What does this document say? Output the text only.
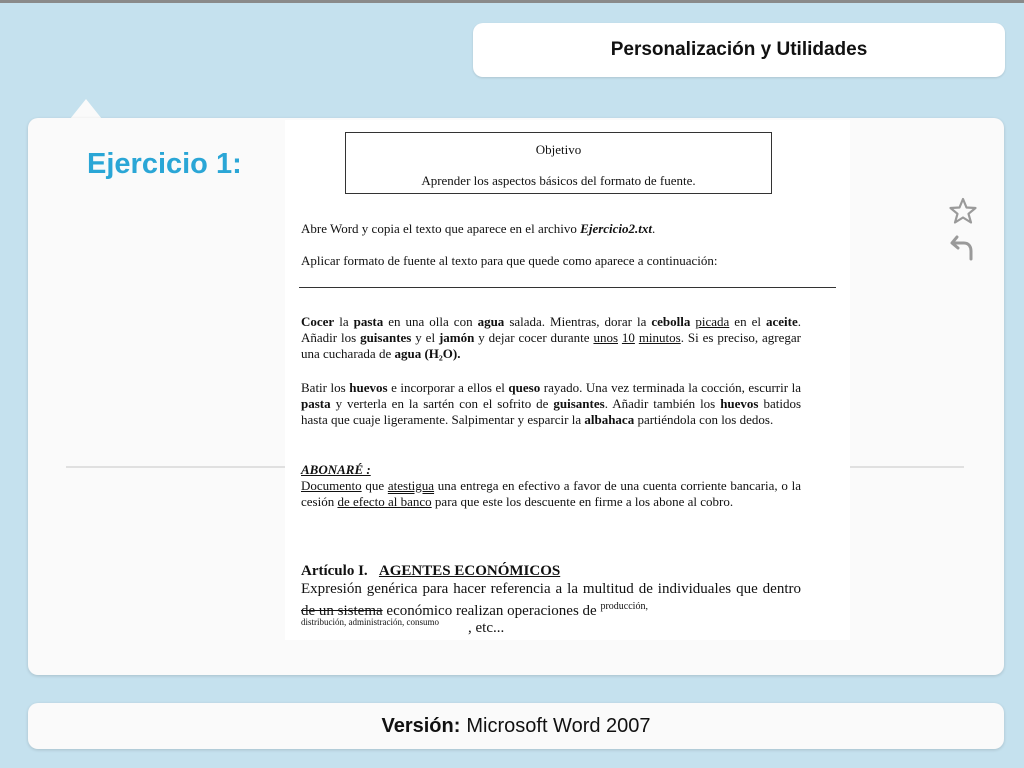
Personalización y Utilidades
Ejercicio 1:	Objetivo
Aprender los aspectos básicos del formato de fuente.
Abre Word y copia el texto que aparece en el archivo Ejercicio2.txt.
Aplicar formato de fuente al texto para que quede como aparece a continuación:
Cocer la pasta en una olla con agua salada. Mientras, dorar la cebolla picada en el aceite. Añadir los guisantes y el jamón y dejar cocer durante unos 10 minutos. Si es preciso, agregar una cucharada de agua (H₂O).
Batir los huevos e incorporar a ellos el queso rayado. Una vez terminada la cocción, escurrir la pasta y verterla en la sartén con el sofrito de guisantes. Añadir también los huevos batidos hasta que cuaje ligeramente. Salpimentar y esparcir la albahaca partiéndola con los dedos.
ABONARÉ :
Documento que atestigua una entrega en efectivo a favor de una cuenta corriente bancaria, o la cesión de efecto al banco para que este los descuente en firme a los abone al cobro.
Artículo I. AGENTES ECONÓMICOS
Expresión genérica para hacer referencia a la multitud de individuales que dentro de un sistema económico realizan operaciones de $^{producción,}$
distribución, administración, consumo , etc...
Versión: Microsoft Word 2007
